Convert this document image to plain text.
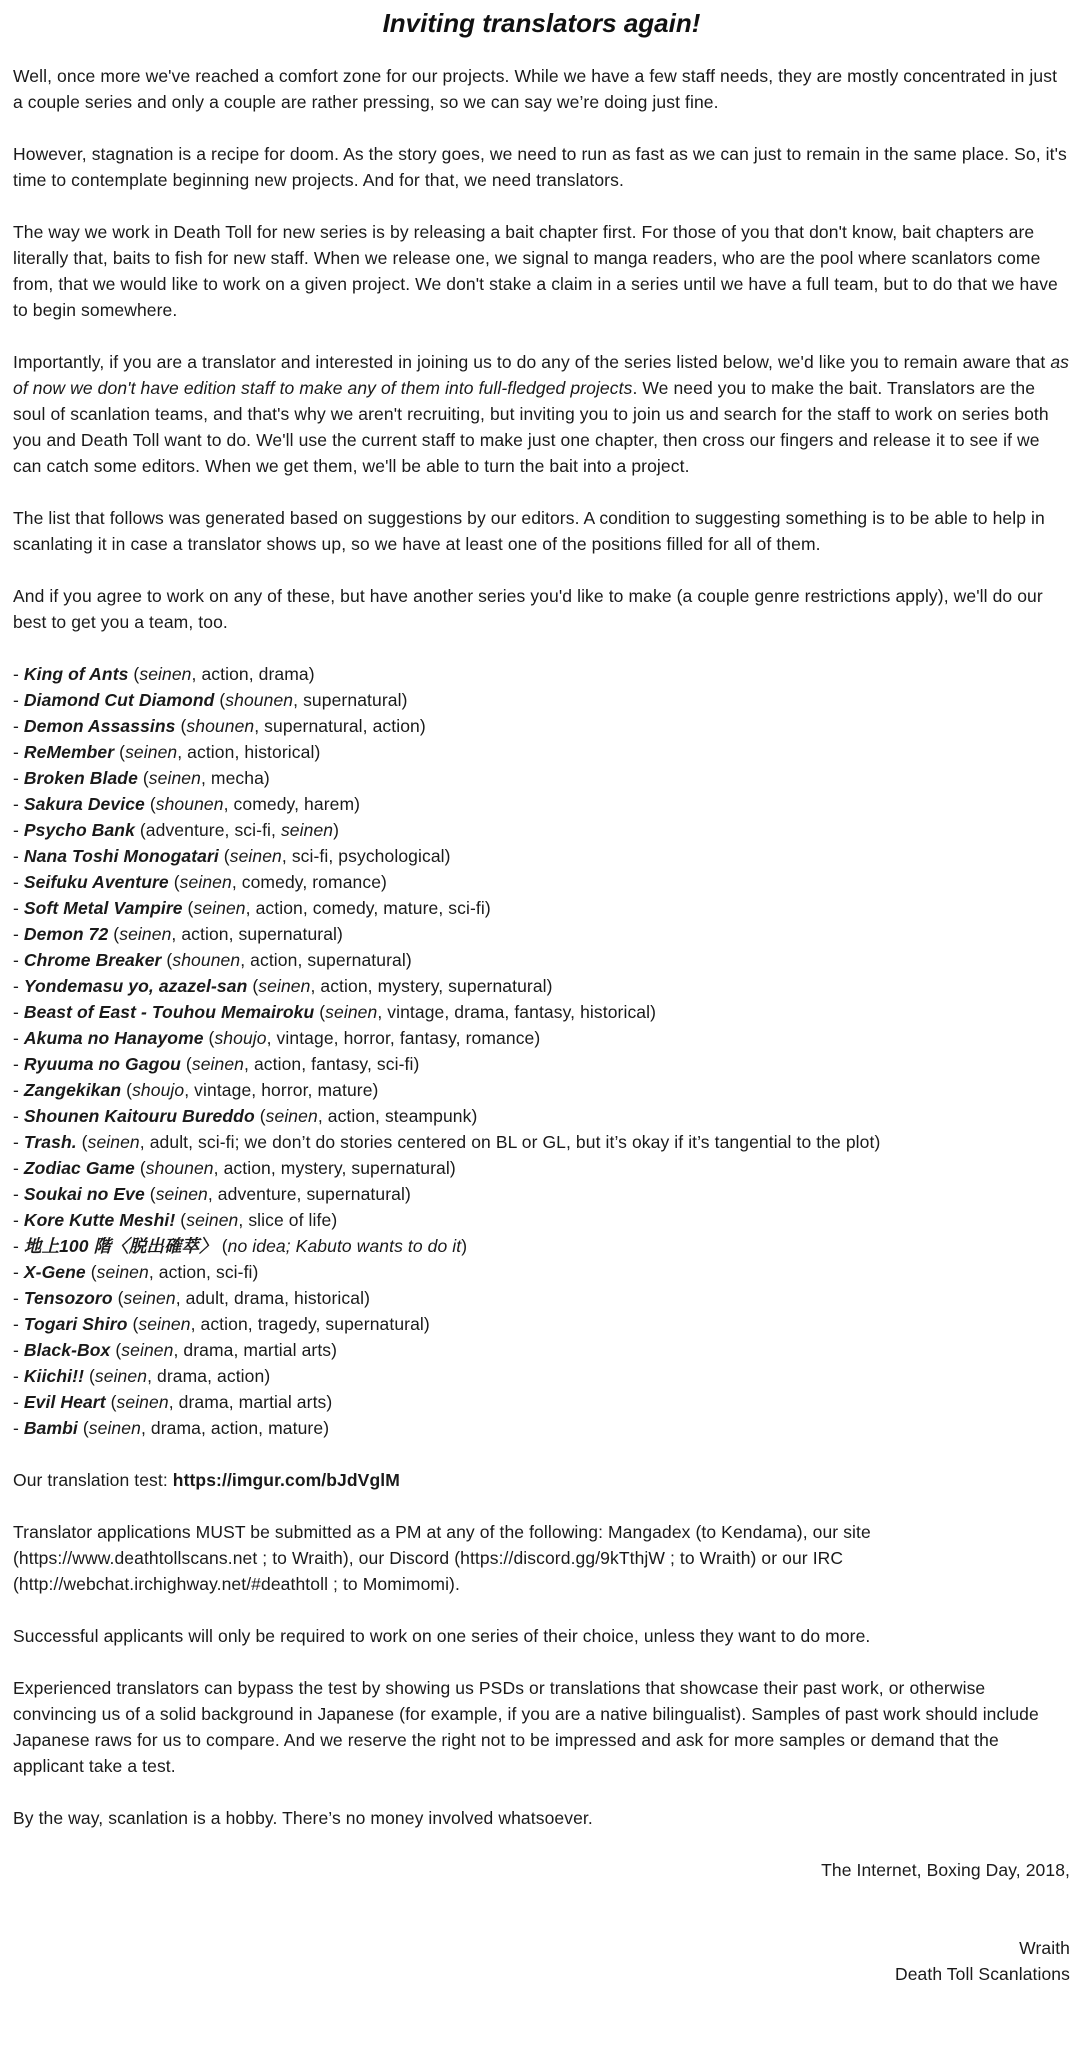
Inviting translators again!

Well, once more we've reached a comfort zone for our projects. While we have a few staff needs, they are mostly concentrated in just a couple series and only a couple are rather pressing, so we can say we’re doing just fine.

However, stagnation is a recipe for doom. As the story goes, we need to run as fast as we can just to remain in the same place. So, it's time to contemplate beginning new projects. And for that, we need translators.

The way we work in Death Toll for new series is by releasing a bait chapter first. For those of you that don't know, bait chapters are literally that, baits to fish for new staff. When we release one, we signal to manga readers, who are the pool where scanlators come from, that we would like to work on a given project. We don't stake a claim in a series until we have a full team, but to do that we have to begin somewhere.

Importantly, if you are a translator and interested in joining us to do any of the series listed below, we'd like you to remain aware that as of now we don't have edition staff to make any of them into full-fledged projects. We need you to make the bait. Translators are the soul of scanlation teams, and that's why we aren't recruiting, but inviting you to join us and search for the staff to work on series both you and Death Toll want to do. We'll use the current staff to make just one chapter, then cross our fingers and release it to see if we can catch some editors. When we get them, we'll be able to turn the bait into a project.

The list that follows was generated based on suggestions by our editors. A condition to suggesting something is to be able to help in scanlating it in case a translator shows up, so we have at least one of the positions filled for all of them.

And if you agree to work on any of these, but have another series you'd like to make (a couple genre restrictions apply), we'll do our best to get you a team, too.

- King of Ants (seinen, action, drama)
- Diamond Cut Diamond (shounen, supernatural)
- Demon Assassins (shounen, supernatural, action)
- ReMember (seinen, action, historical)
- Broken Blade (seinen, mecha)
- Sakura Device (shounen, comedy, harem)
- Psycho Bank (adventure, sci-fi, seinen)
- Nana Toshi Monogatari (seinen, sci-fi, psychological)
- Seifuku Aventure (seinen, comedy, romance)
- Soft Metal Vampire (seinen, action, comedy, mature, sci-fi)
- Demon 72 (seinen, action, supernatural)
- Chrome Breaker (shounen, action, supernatural)
- Yondemasu yo, azazel-san (seinen, action, mystery, supernatural)
- Beast of East - Touhou Memairoku (seinen, vintage, drama, fantasy, historical)
- Akuma no Hanayome (shoujo, vintage, horror, fantasy, romance)
- Ryuuma no Gagou (seinen, action, fantasy, sci-fi)
- Zangekikan (shoujo, vintage, horror, mature)
- Shounen Kaitouru Bureddo (seinen, action, steampunk)
- Trash. (seinen, adult, sci-fi; we don’t do stories centered on BL or GL, but it’s okay if it’s tangential to the plot)
- Zodiac Game (shounen, action, mystery, supernatural)
- Soukai no Eve (seinen, adventure, supernatural)
- Kore Kutte Meshi! (seinen, slice of life)
- 地上100 階〈脱出確萃〉 (no idea; Kabuto wants to do it)
- X-Gene (seinen, action, sci-fi)
- Tensozoro (seinen, adult, drama, historical)
- Togari Shiro (seinen, action, tragedy, supernatural)
- Black-Box (seinen, drama, martial arts)
- Kiichi!! (seinen, drama, action)
- Evil Heart (seinen, drama, martial arts)
- Bambi (seinen, drama, action, mature)

Our translation test: https://imgur.com/bJdVglM

Translator applications MUST be submitted as a PM at any of the following: Mangadex (to Kendama), our site (https://www.deathtollscans.net ; to Wraith), our Discord (https://discord.gg/9kTthjW ; to Wraith) or our IRC (http://webchat.irchighway.net/#deathtoll ; to Momimomi).

Successful applicants will only be required to work on one series of their choice, unless they want to do more.

Experienced translators can bypass the test by showing us PSDs or translations that showcase their past work, or otherwise convincing us of a solid background in Japanese (for example, if you are a native bilingualist). Samples of past work should include Japanese raws for us to compare. And we reserve the right not to be impressed and ask for more samples or demand that the applicant take a test.

By the way, scanlation is a hobby. There’s no money involved whatsoever.

The Internet, Boxing Day, 2018,

Wraith

Death Toll Scanlations
